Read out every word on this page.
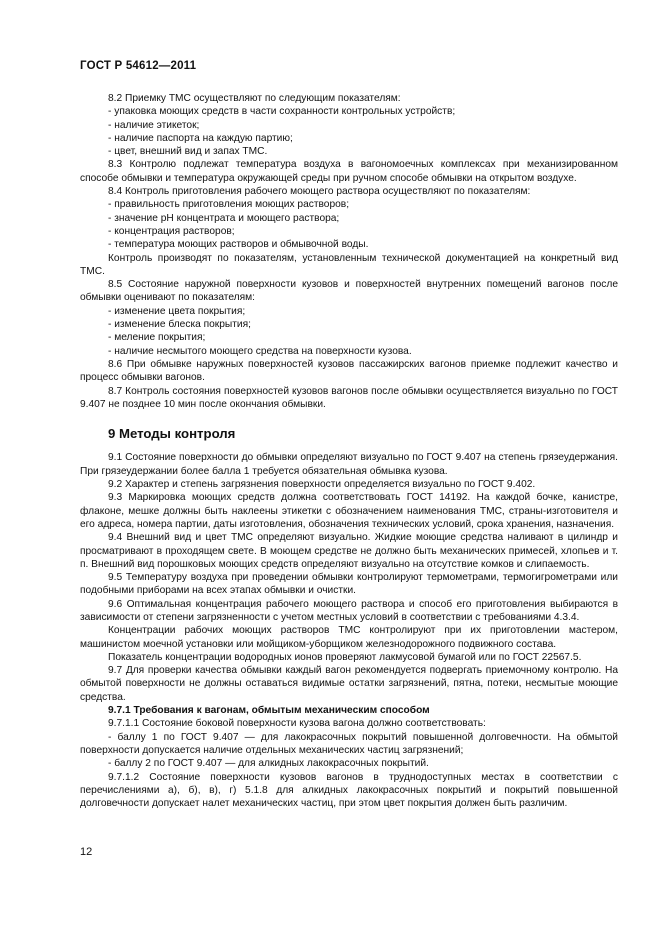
ГОСТ Р 54612—2011

8.2 Приемку ТМС осуществляют по следующим показателям:

- упаковка моющих средств в части сохранности контрольных устройств;

- наличие этикеток;

- наличие паспорта на каждую партию;

- цвет, внешний вид и запах ТМС.

8.3 Контролю подлежат температура воздуха в вагономоечных комплексах при механизированном способе обмывки и температура окружающей среды при ручном способе обмывки на открытом воздухе.

8.4 Контроль приготовления рабочего моющего раствора осуществляют по показателям:

- правильность приготовления моющих растворов;

- значение pH концентрата и моющего раствора;

- концентрация растворов;

- температура моющих растворов и обмывочной воды.

Контроль производят по показателям, установленным технической документацией на конкретный вид ТМС.

8.5 Состояние наружной поверхности кузовов и поверхностей внутренних помещений вагонов после обмывки оценивают по показателям:

- изменение цвета покрытия;

- изменение блеска покрытия;

- меление покрытия;

- наличие несмытого моющего средства на поверхности кузова.

8.6 При обмывке наружных поверхностей кузовов пассажирских вагонов приемке подлежит качество и процесс обмывки вагонов.

8.7 Контроль состояния поверхностей кузовов вагонов после обмывки осуществляется визуально по ГОСТ 9.407 не позднее 10 мин после окончания обмывки.

9 Методы контроля

9.1 Состояние поверхности до обмывки определяют визуально по ГОСТ 9.407 на степень грязеудержания. При грязеудержании более балла 1 требуется обязательная обмывка кузова.

9.2 Характер и степень загрязнения поверхности определяется визуально по ГОСТ 9.402.

9.3 Маркировка моющих средств должна соответствовать ГОСТ 14192. На каждой бочке, канистре, флаконе, мешке должны быть наклеены этикетки с обозначением наименования ТМС, страны-изготовителя и его адреса, номера партии, даты изготовления, обозначения технических условий, срока хранения, назначения.

9.4 Внешний вид и цвет ТМС определяют визуально. Жидкие моющие средства наливают в цилиндр и просматривают в проходящем свете. В моющем средстве не должно быть механических примесей, хлопьев и т. п. Внешний вид порошковых моющих средств определяют визуально на отсутствие комков и слипаемость.

9.5 Температуру воздуха при проведении обмывки контролируют термометрами, термогигрометрами или подобными приборами на всех этапах обмывки и очистки.

9.6 Оптимальная концентрация рабочего моющего раствора и способ его приготовления выбираются в зависимости от степени загрязненности с учетом местных условий в соответствии с требованиями 4.3.4.

Концентрации рабочих моющих растворов ТМС контролируют при их приготовлении мастером, машинистом моечной установки или мойщиком-уборщиком железнодорожного подвижного состава.

Показатель концентрации водородных ионов проверяют лакмусовой бумагой или по ГОСТ 22567.5.

9.7 Для проверки качества обмывки каждый вагон рекомендуется подвергать приемочному контролю. На обмытой поверхности не должны оставаться видимые остатки загрязнений, пятна, потеки, несмытые моющие средства.

9.7.1 Требования к вагонам, обмытым механическим способом

9.7.1.1 Состояние боковой поверхности кузова вагона должно соответствовать:

- баллу 1 по ГОСТ 9.407 — для лакокрасочных покрытий повышенной долговечности. На обмытой поверхности допускается наличие отдельных механических частиц загрязнений;

- баллу 2 по ГОСТ 9.407 — для алкидных лакокрасочных покрытий.

9.7.1.2 Состояние поверхности кузовов вагонов в труднодоступных местах в соответствии с перечислениями а), б), в), г) 5.1.8 для алкидных лакокрасочных покрытий и покрытий повышенной долговечности допускает налет механических частиц, при этом цвет покрытия должен быть различим.

12
